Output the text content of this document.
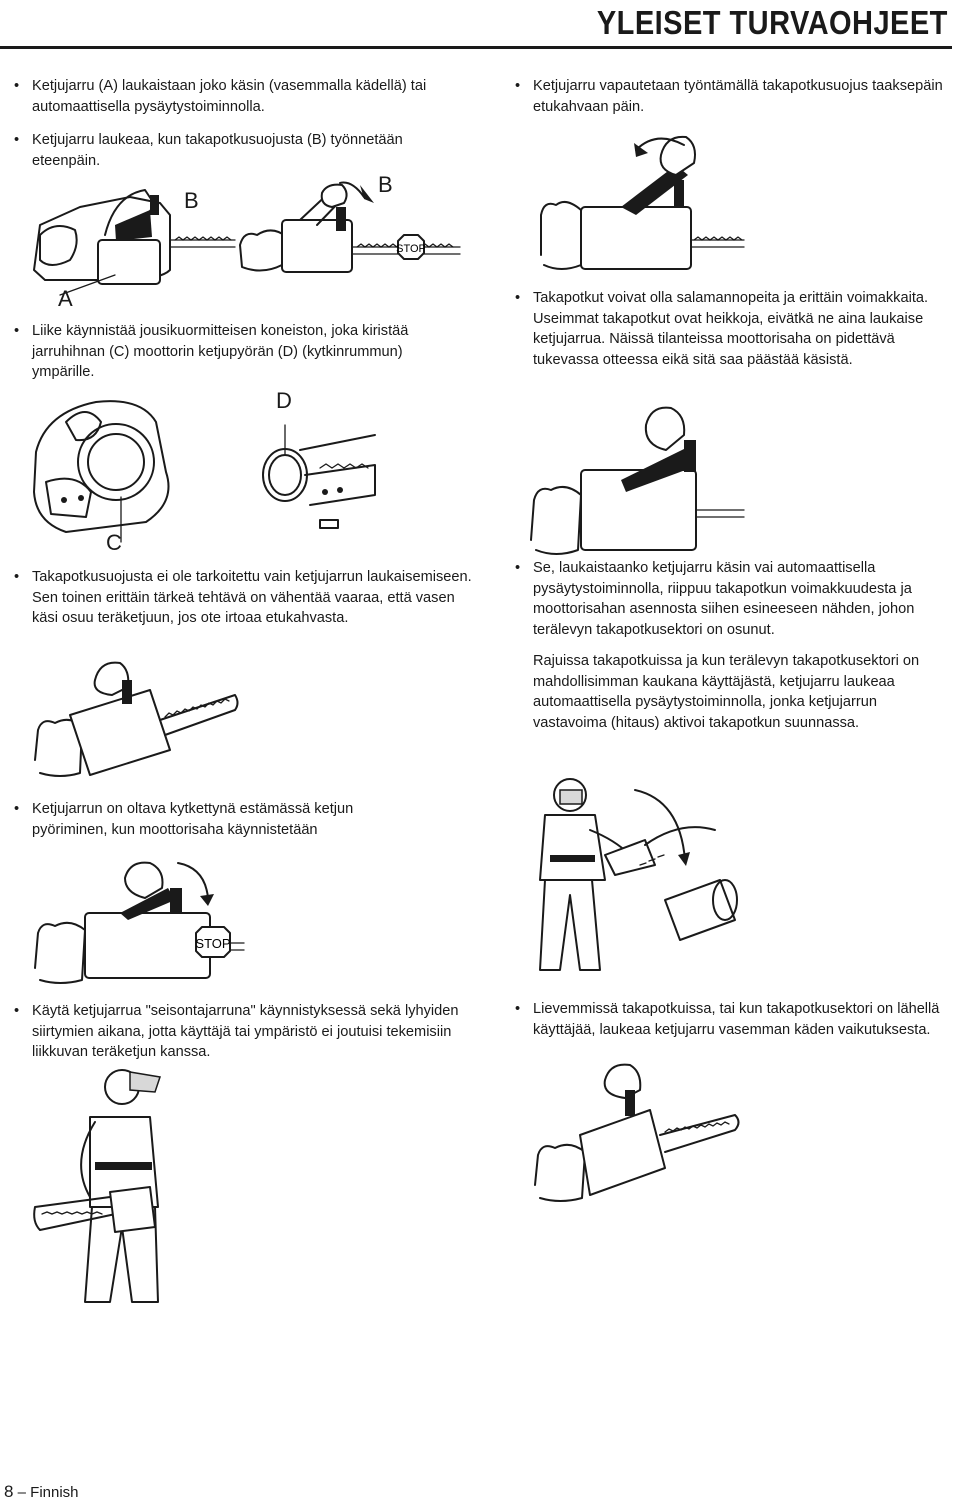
YLEISET TURVAOHJEET
• Ketjujarru (A) laukaistaan joko käsin (vasemmalla kädellä) tai automaattisella pysäytystoiminnolla.
• Ketjujarru laukeaa, kun takapotkusuojusta (B) työnnetään eteenpäin.
• Liike käynnistää jousikuormitteisen koneiston, joka kiristää jarruhihnan (C) moottorin ketjupyörän (D) (kytkinrummun) ympärille.
• Takapotkusuojusta ei ole tarkoitettu vain ketjujarrun laukaisemiseen. Sen toinen erittäin tärkeä tehtävä on vähentää vaaraa, että vasen käsi osuu teräketjuun, jos ote irtoaa etukahvasta.
• Ketjujarrun on oltava kytkettynä estämässä ketjun pyöriminen, kun moottorisaha käynnistetään
• Käytä ketjujarrua "seisontajarruna" käynnistyksessä sekä lyhyiden siirtymien aikana, jotta käyttäjä tai ympäristö ei joutuisi tekemisiin liikkuvan teräketjun kanssa.
• Ketjujarru vapautetaan työntämällä takapotkusuojus taaksepäin etukahvaan päin.
• Takapotkut voivat olla salamannopeita ja erittäin voimakkaita. Useimmat takapotkut ovat heikkoja, eivätkä ne aina laukaise ketjujarrua. Näissä tilanteissa moottorisaha on pidettävä tukevassa otteessa eikä sitä saa päästää käsistä.
• Se, laukaistaanko ketjujarru käsin vai automaattisella pysäytystoiminnolla, riippuu takapotkun voimakkuudesta ja moottorisahan asennosta siihen esineeseen nähden, johon terälevyn takapotkusektori on osunut.
Rajuissa takapotkuissa ja kun terälevyn takapotkusektori on mahdollisimman kaukana käyttäjästä, ketjujarru laukeaa automaattisella pysäytystoiminnolla, jonka ketjujarrun vastavoima (hitaus) aktivoi takapotkun suunnassa.
• Lievemmissä takapotkuissa, tai kun takapotkusektori on lähellä käyttäjää, laukeaa ketjujarru vasemman käden vaikutuksesta.
A
B
STOP
B
C
D
STOP
8 – Finnish
